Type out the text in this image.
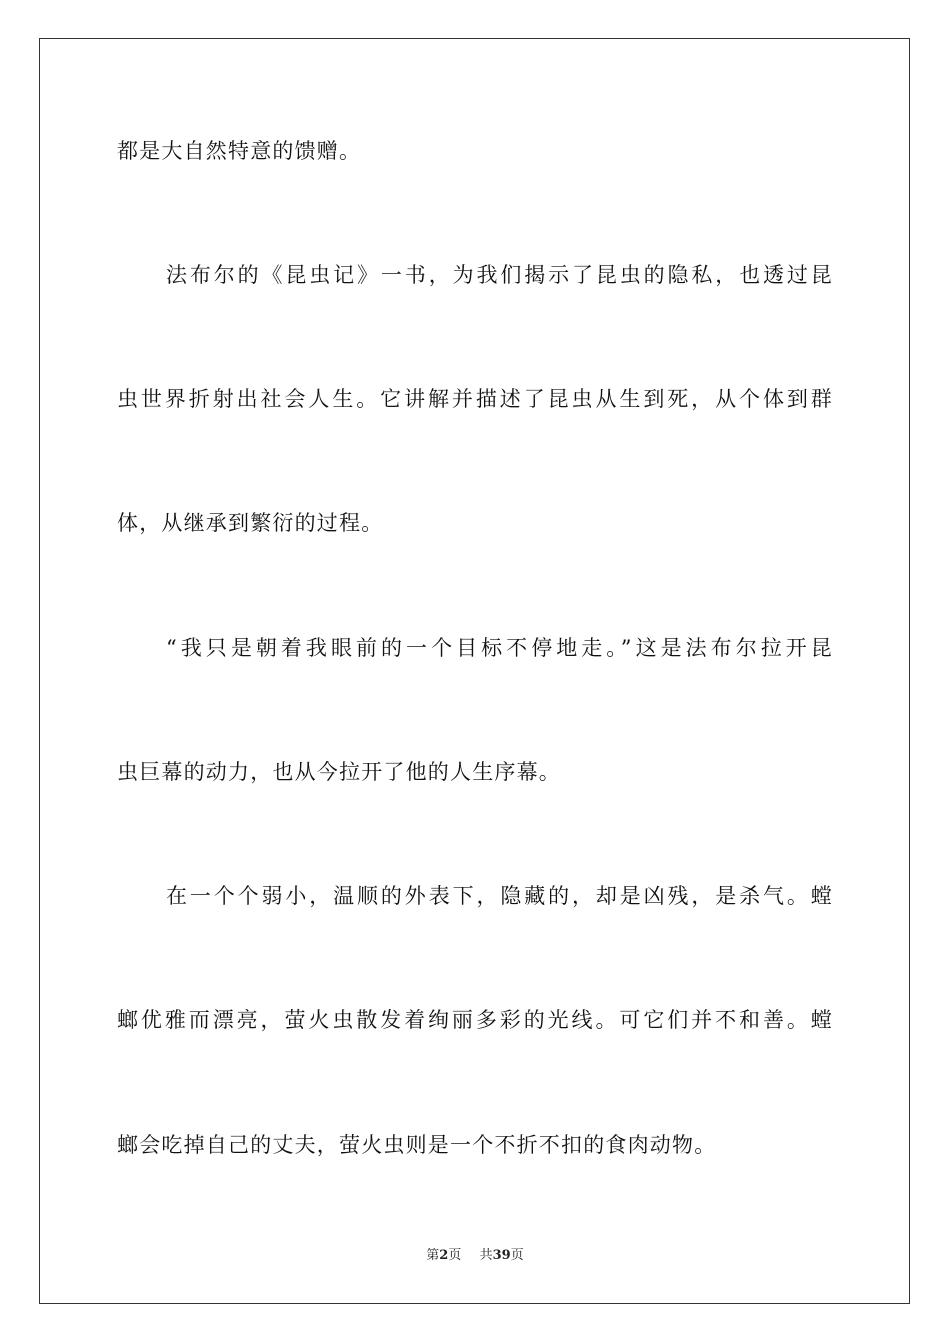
都是大自然特意的馈赠。
法布尔的《昆虫记》一书，为我们揭示了昆虫的隐私，也透过昆
虫世界折射出社会人生。它讲解并描述了昆虫从生到死，从个体到群
体，从继承到繁衍的过程。
“我只是朝着我眼前的一个目标不停地走。”这是法布尔拉开昆
虫巨幕的动力，也从今拉开了他的人生序幕。
在一个个弱小，温顺的外表下，隐藏的，却是凶残，是杀气。螳
螂优雅而漂亮，萤火虫散发着绚丽多彩的光线。可它们并不和善。螳
螂会吃掉自己的丈夫，萤火虫则是一个不折不扣的食肉动物。
第2页 共39页
